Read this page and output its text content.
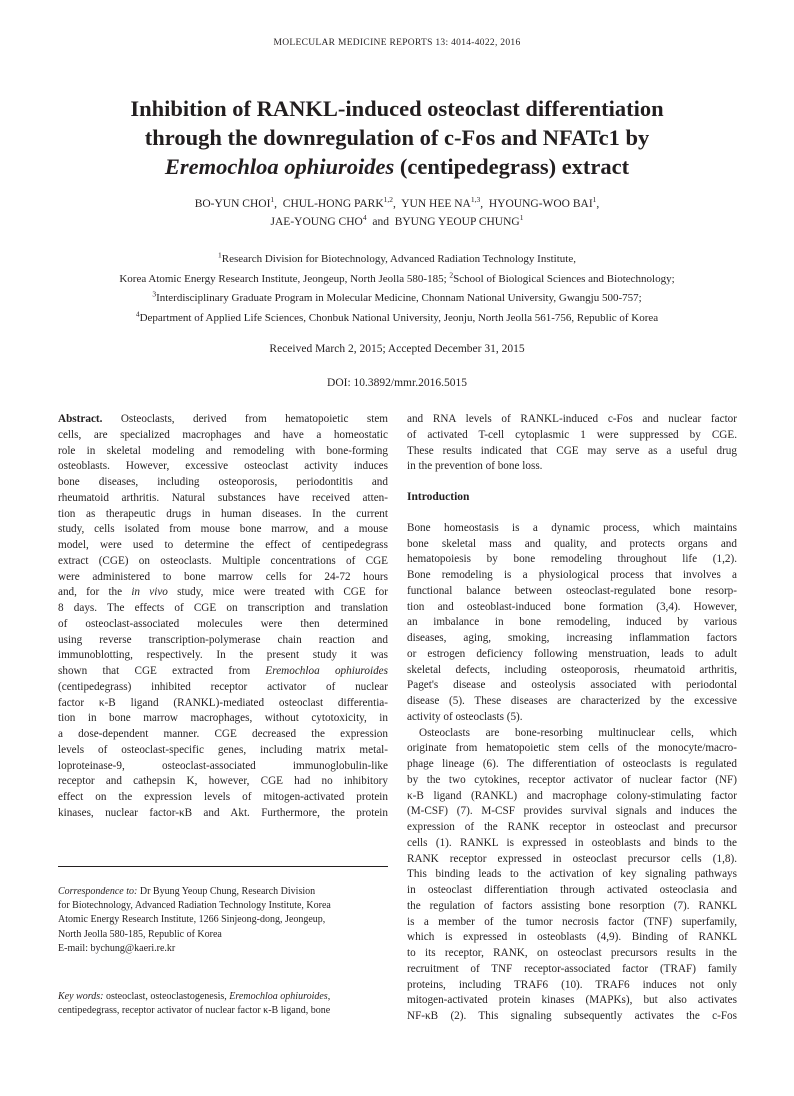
MOLECULAR MEDICINE REPORTS 13: 4014-4022, 2016
Inhibition of RANKL-induced osteoclast differentiation
through the downregulation of c-Fos and NFATc1 by
Eremochloa ophiuroides (centipedegrass) extract
BO-YUN CHOI$^1$,  CHUL-HONG PARK$^{1,2}$,  YUN HEE NA$^{1,3}$,  HYOUNG-WOO BAI$^1$,
JAE-YOUNG CHO$^4$ and BYUNG YEOUP CHUNG$^1$
$^1$Research Division for Biotechnology, Advanced Radiation Technology Institute,
Korea Atomic Energy Research Institute, Jeongeup, North Jeolla 580-185; $^2$School of Biological Sciences and Biotechnology;
$^3$Interdisciplinary Graduate Program in Molecular Medicine, Chonnam National University, Gwangju 500-757;
$^4$Department of Applied Life Sciences, Chonbuk National University, Jeonju, North Jeolla 561-756, Republic of Korea
Received March 2, 2015; Accepted December 31, 2015
DOI: 10.3892/mmr.2016.5015

Abstract. Osteoclasts, derived from hematopoietic stem
cells, are specialized macrophages and have a homeostatic
role in skeletal modeling and remodeling with bone-forming
osteoblasts. However, excessive osteoclast activity induces
bone diseases, including osteoporosis, periodontitis and
rheumatoid arthritis. Natural substances have received atten-
tion as therapeutic drugs in human diseases. In the current
study, cells isolated from mouse bone marrow, and a mouse
model, were used to determine the effect of centipedegrass
extract (CGE) on osteoclasts. Multiple concentrations of CGE
were administered to bone marrow cells for 24-72 hours
and, for the in vivo study, mice were treated with CGE for
8 days. The effects of CGE on transcription and translation
of osteoclast-associated molecules were then determined
using reverse transcription-polymerase chain reaction and
immunoblotting, respectively. In the present study it was
shown that CGE extracted from Eremochloa ophiuroides
(centipedegrass) inhibited receptor activator of nuclear
factor κ-B ligand (RANKL)-mediated osteoclast differentia-
tion in bone marrow macrophages, without cytotoxicity, in
a dose-dependent manner. CGE decreased the expression
levels of osteoclast-specific genes, including matrix metal-
loproteinase-9, osteoclast-associated immunoglobulin-like
receptor and cathepsin K, however, CGE had no inhibitory
effect on the expression levels of mitogen-activated protein
kinases, nuclear factor-κB and Akt. Furthermore, the protein

and RNA levels of RANKL-induced c-Fos and nuclear factor
of activated T-cell cytoplasmic 1 were suppressed by CGE.
These results indicated that CGE may serve as a useful drug
in the prevention of bone loss.

Introduction

Bone homeostasis is a dynamic process, which maintains
bone skeletal mass and quality, and protects organs and
hematopoiesis by bone remodeling throughout life (1,2).
Bone remodeling is a physiological process that involves a
functional balance between osteoclast-regulated bone resorp-
tion and osteoblast-induced bone formation (3,4). However,
an imbalance in bone remodeling, induced by various
diseases, aging, smoking, increasing inflammation factors
or estrogen deficiency following menstruation, leads to adult
skeletal defects, including osteoporosis, rheumatoid arthritis,
Paget's disease and osteolysis associated with periodontal
disease (5). These diseases are characterized by the excessive
activity of osteoclasts (5).

Osteoclasts are bone-resorbing multinuclear cells, which
originate from hematopoietic stem cells of the monocyte/macro-
phage lineage (6). The differentiation of osteoclasts is regulated
by the two cytokines, receptor activator of nuclear factor (NF)
κ-B ligand (RANKL) and macrophage colony-stimulating factor
(M-CSF) (7). M-CSF provides survival signals and induces the
expression of the RANK receptor in osteoclast and precursor
cells (1). RANKL is expressed in osteoblasts and binds to the
RANK receptor expressed in osteoclast precursor cells (1,8).
This binding leads to the activation of key signaling pathways
in osteoclast differentiation through activated osteoclasia and
the regulation of factors assisting bone resorption (7). RANKL
is a member of the tumor necrosis factor (TNF) superfamily,
which is expressed in osteoblasts (4,9). Binding of RANKL
to its receptor, RANK, on osteoclast precursors results in the
recruitment of TNF receptor-associated factor (TRAF) family
proteins, including TRAF6 (10). TRAF6 induces not only
mitogen-activated protein kinases (MAPKs), but also activates
NF-κB (2). This signaling subsequently activates the c-Fos

Correspondence to: Dr Byung Yeoup Chung, Research Division
for Biotechnology, Advanced Radiation Technology Institute, Korea
Atomic Energy Research Institute, 1266 Sinjeong-dong, Jeongeup,
North Jeolla 580-185, Republic of Korea
E-mail: bychung@kaeri.re.kr
Key words: osteoclast, osteoclastogenesis, Eremochloa ophiuroides,
centipedegrass, receptor activator of nuclear factor κ-B ligand, bone
